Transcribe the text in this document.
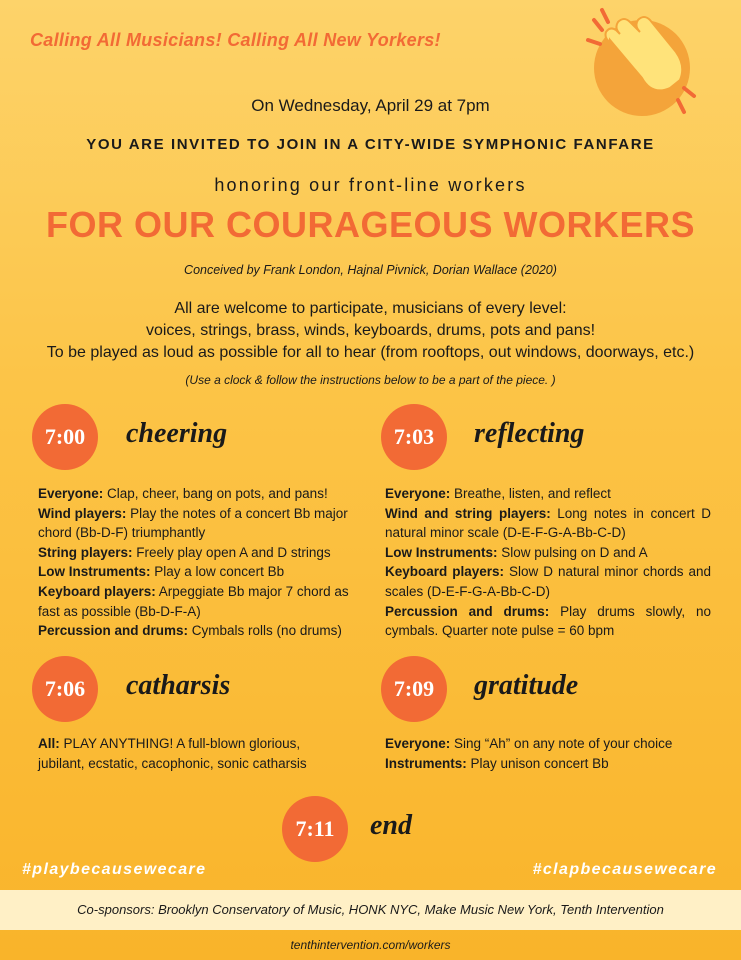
Calling All Musicians! Calling All New Yorkers!
On Wednesday, April 29 at 7pm
YOU ARE INVITED TO JOIN IN A CITY-WIDE SYMPHONIC FANFARE
honoring our front-line workers
FOR OUR COURAGEOUS WORKERS
Conceived by Frank London, Hajnal Pivnick, Dorian Wallace (2020)
All are welcome to participate, musicians of every level:
voices, strings, brass, winds, keyboards, drums, pots and pans!
To be played as loud as possible for all to hear (from rooftops, out windows, doorways, etc.)
(Use a clock & follow the instructions below to be a part of the piece. )
7:00	cheering

Everyone: Clap, cheer, bang on pots, and pans!

Wind players: Play the notes of a concert Bb major chord (Bb-D-F) triumphantly

String players: Freely play open A and D strings

Low Instruments: Play a low concert Bb

Keyboard players: Arpeggiate Bb major 7 chord as fast as possible (Bb-D-F-A)

Percussion and drums: Cymbals rolls (no drums)

7:03	reflecting

Everyone: Breathe, listen, and reflect

Wind and string players: Long notes in concert D natural minor scale (D-E-F-G-A-Bb-C-D)

Low Instruments: Slow pulsing on D and A

Keyboard players: Slow D natural minor chords and scales (D-E-F-G-A-Bb-C-D)

Percussion and drums: Play drums slowly, no cymbals. Quarter note pulse = 60 bpm

7:06	catharsis

All: PLAY ANYTHING! A full-blown glorious, jubilant, ecstatic, cacophonic, sonic catharsis

7:09	gratitude

Everyone: Sing “Ah” on any note of your choice

Instruments: Play unison concert Bb

7:11	end
#playbecausewecare	#clapbecausewecare
Co-sponsors: Brooklyn Conservatory of Music, HONK NYC, Make Music New York, Tenth Intervention
tenthintervention.com/workers
